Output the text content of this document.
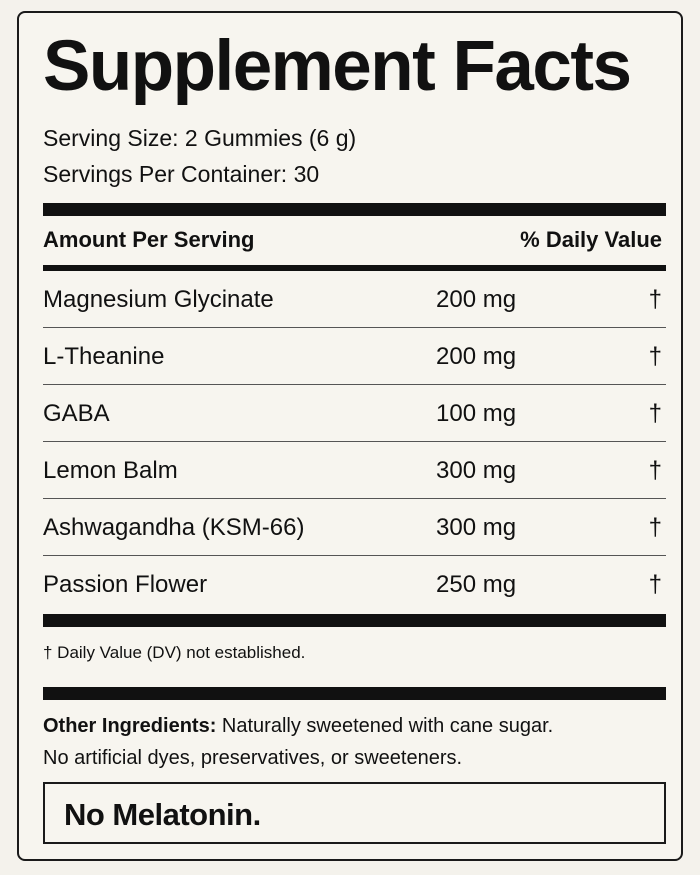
Supplement Facts
Serving Size: 2 Gummies (6 g)
Servings Per Container: 30
Amount Per Serving	% Daily Value
Magnesium Glycinate	200 mg	†
L-Theanine	200 mg	†
GABA	100 mg	†
Lemon Balm	300 mg	†
Ashwagandha (KSM-66)	300 mg	†
Passion Flower	250 mg	†
† Daily Value (DV) not established.
Other Ingredients: Naturally sweetened with cane sugar.
No artificial dyes, preservatives, or sweeteners.
No Melatonin.
